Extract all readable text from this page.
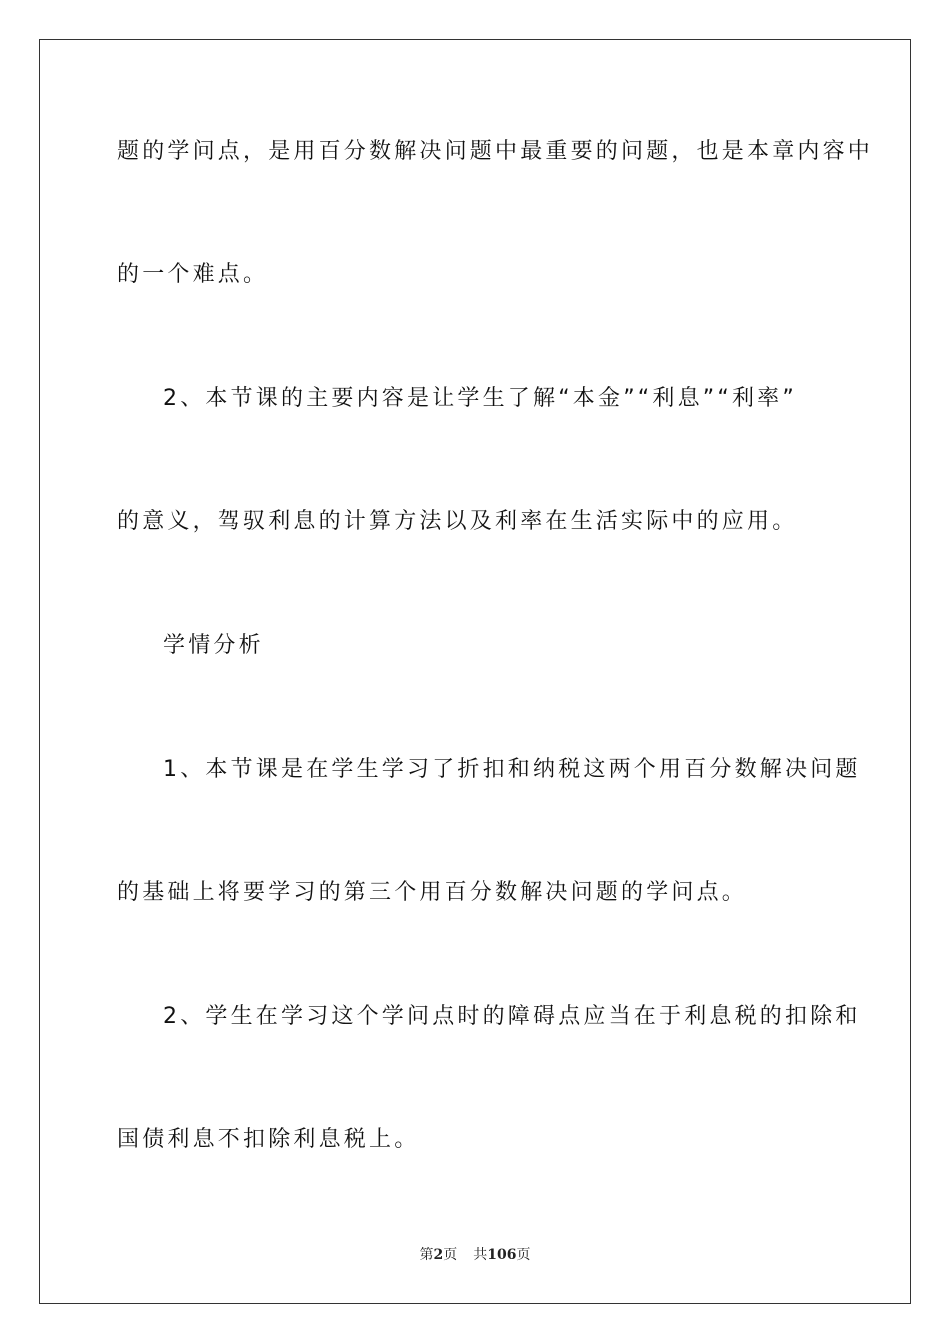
题的学问点，是用百分数解决问题中最重要的问题，也是本章内容中
的一个难点。
2、本节课的主要内容是让学生了解“本金”“利息”“利率”
的意义，驾驭利息的计算方法以及利率在生活实际中的应用。
学情分析
1、本节课是在学生学习了折扣和纳税这两个用百分数解决问题
的基础上将要学习的第三个用百分数解决问题的学问点。
2、学生在学习这个学问点时的障碍点应当在于利息税的扣除和
国债利息不扣除利息税上。
第2页 共106页
